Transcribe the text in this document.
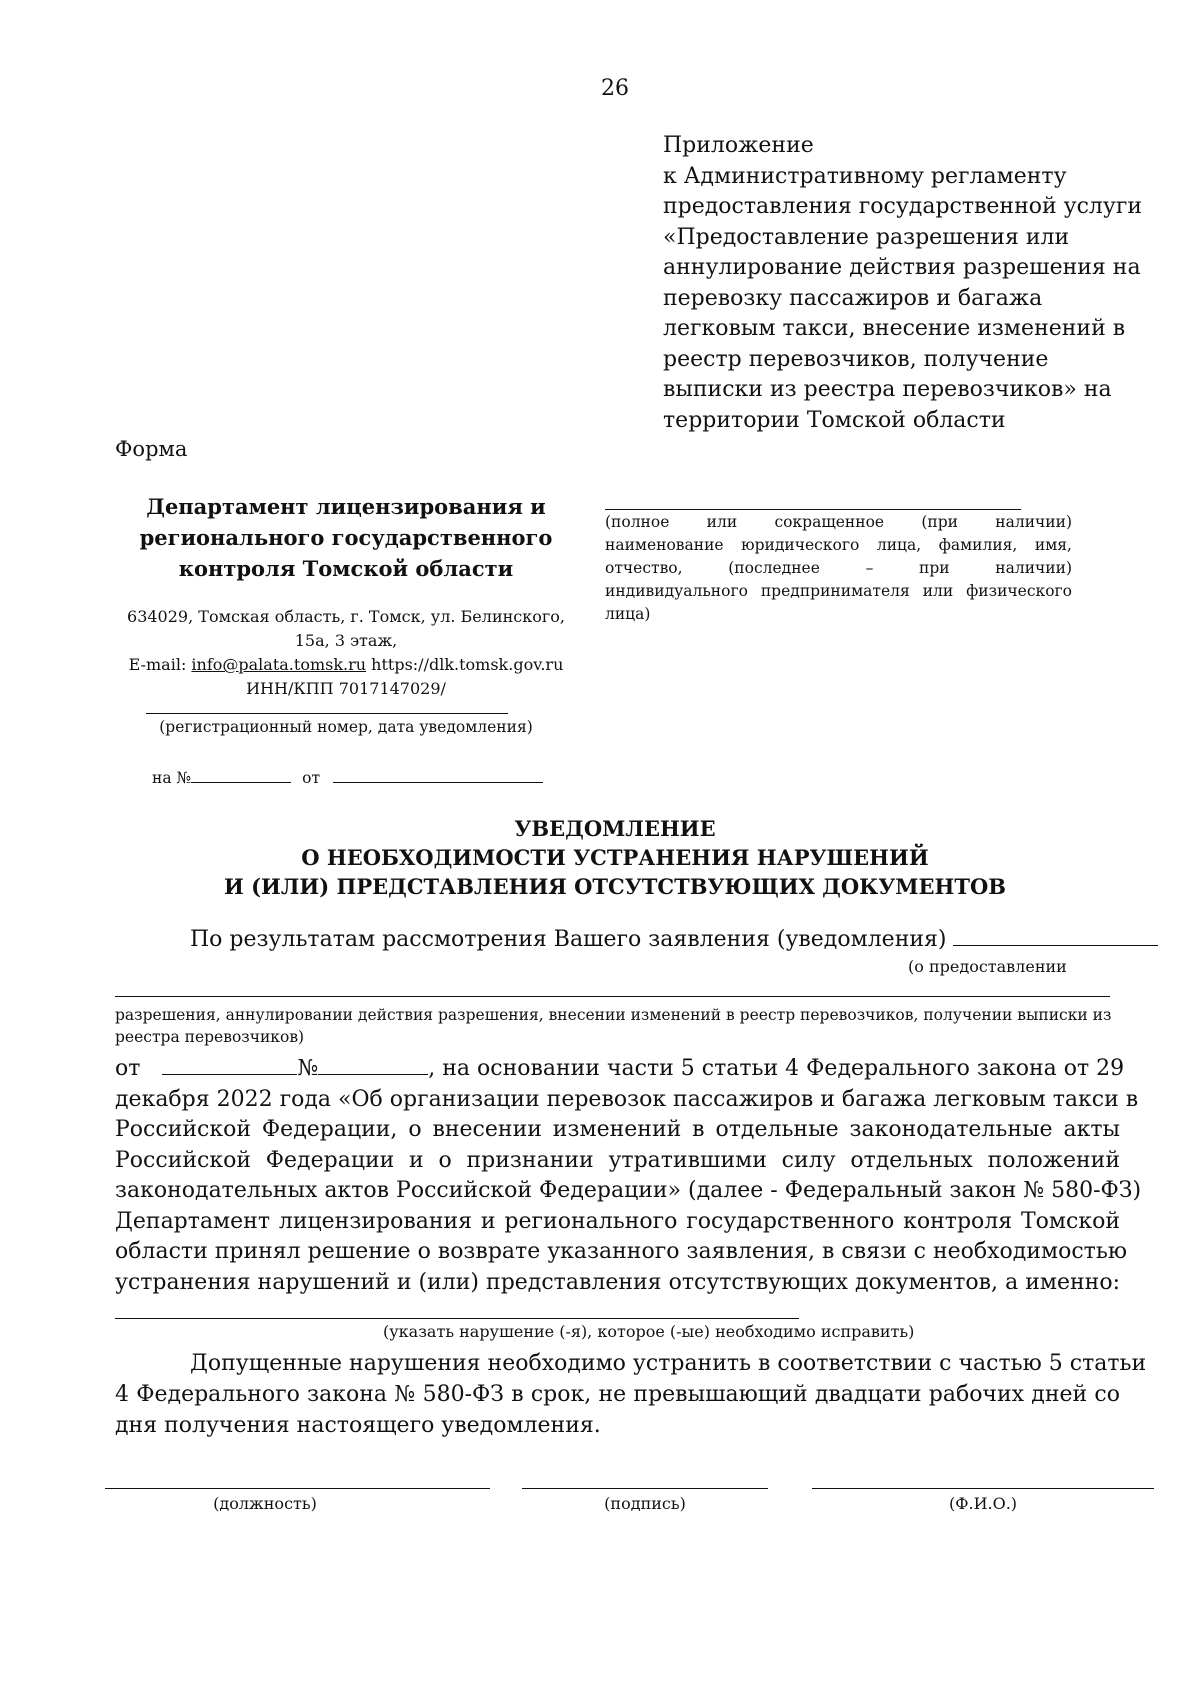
26
Приложение
к Административному регламенту
предоставления государственной услуги
«Предоставление разрешения или
аннулирование действия разрешения на
перевозку пассажиров и багажа
легковым такси, внесение изменений в
реестр перевозчиков, получение
выписки из реестра перевозчиков» на
территории Томской области
Форма
Департамент лицензирования и
регионального государственного
контроля Томской области
634029, Томская область, г. Томск, ул. Белинского,
15а, 3 этаж,
E-mail: info@palata.tomsk.ru https://dlk.tomsk.gov.ru
ИНН/КПП 7017147029/
(регистрационный номер, дата уведомления)
на №	от
(полное или сокращенное (при наличии)
наименование юридического лица, фамилия, имя,
отчество, (последнее – при наличии)
индивидуального предпринимателя или физического
лица)
УВЕДОМЛЕНИЕ
О НЕОБХОДИМОСТИ УСТРАНЕНИЯ НАРУШЕНИЙ
И (ИЛИ) ПРЕДСТАВЛЕНИЯ ОТСУТСТВУЮЩИХ ДОКУМЕНТОВ
По результатам рассмотрения Вашего заявления (уведомления)
(о предоставлении
разрешения, аннулировании действия разрешения, внесении изменений в реестр перевозчиков, получении выписки из реестра перевозчиков)
от	№	, на основании части 5 статьи 4 Федерального закона от 29
декабря 2022 года «Об организации перевозок пассажиров и багажа легковым такси в
Российской Федерации, о внесении изменений в отдельные законодательные акты
Российской Федерации и о признании утратившими силу отдельных положений
законодательных актов Российской Федерации» (далее - Федеральный закон № 580-ФЗ)
Департамент лицензирования и регионального государственного контроля Томской
области принял решение о возврате указанного заявления, в связи с необходимостью
устранения нарушений и (или) представления отсутствующих документов, а именно:
(указать нарушение (-я), которое (-ые) необходимо исправить)
Допущенные нарушения необходимо устранить в соответствии с частью 5 статьи
4 Федерального закона № 580-ФЗ в срок, не превышающий двадцати рабочих дней со
дня получения настоящего уведомления.
(должность)	(подпись)	(Ф.И.О.)
